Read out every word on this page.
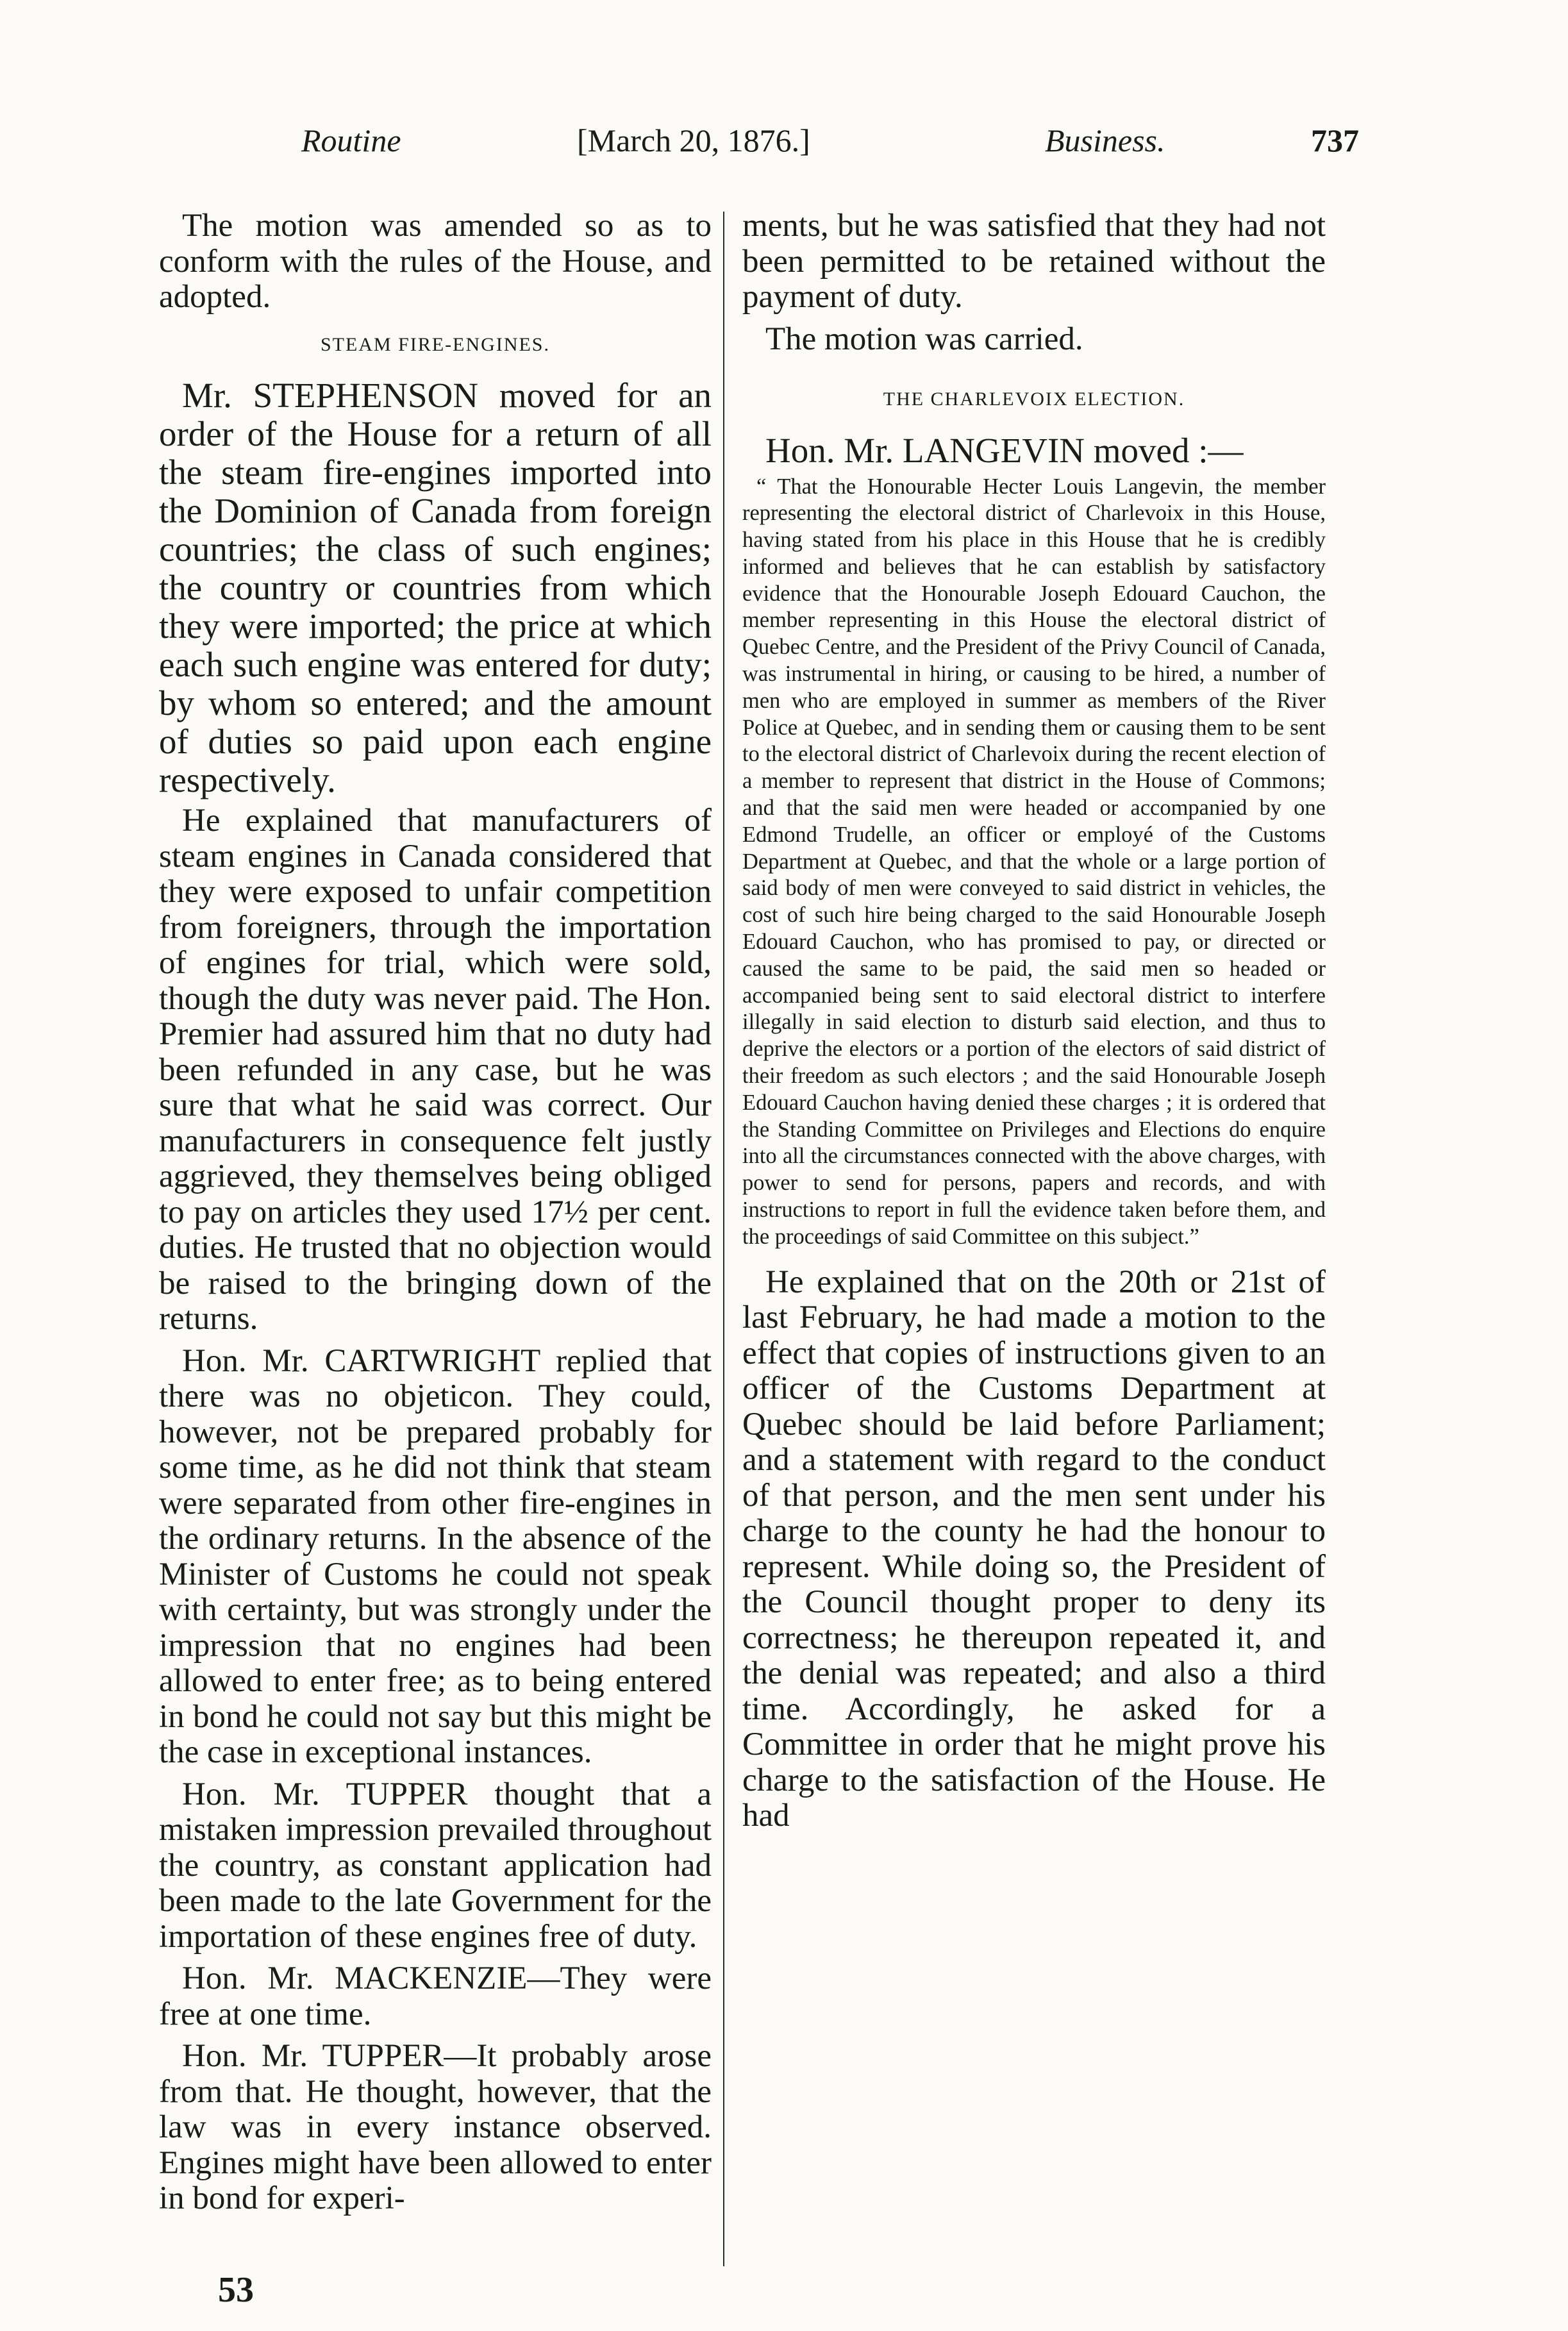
Routine	[March 20, 1876.]	Business.	737

The motion was amended so as to conform with the rules of the House, and adopted.

STEAM FIRE-ENGINES.

Mr. STEPHENSON moved for an order of the House for a return of all the steam fire-engines imported into the Dominion of Canada from foreign countries; the class of such engines; the country or countries from which they were imported; the price at which each such engine was entered for duty; by whom so entered; and the amount of duties so paid upon each engine respectively.

He explained that manufacturers of steam engines in Canada considered that they were exposed to unfair competition from foreigners, through the importation of engines for trial, which were sold, though the duty was never paid. The Hon. Premier had assured him that no duty had been refunded in any case, but he was sure that what he said was correct. Our manufacturers in consequence felt justly aggrieved, they themselves being obliged to pay on articles they used 17½ per cent. duties. He trusted that no objection would be raised to the bringing down of the returns.

Hon. Mr. CARTWRIGHT replied that there was no objeticon. They could, however, not be prepared probably for some time, as he did not think that steam were separated from other fire-engines in the ordinary returns. In the absence of the Minister of Customs he could not speak with certainty, but was strongly under the impression that no engines had been allowed to enter free; as to being entered in bond he could not say but this might be the case in exceptional instances.

Hon. Mr. TUPPER thought that a mistaken impression prevailed throughout the country, as constant application had been made to the late Government for the importation of these engines free of duty.

Hon. Mr. MACKENZIE—They were free at one time.

Hon. Mr. TUPPER—It probably arose from that. He thought, however, that the law was in every instance observed. Engines might have been allowed to enter in bond for experi-

ments, but he was satisfied that they had not been permitted to be retained without the payment of duty.

The motion was carried.

THE CHARLEVOIX ELECTION.

Hon. Mr. LANGEVIN moved :—

“ That the Honourable Hecter Louis Langevin, the member representing the electoral district of Charlevoix in this House, having stated from his place in this House that he is credibly informed and believes that he can establish by satisfactory evidence that the Honourable Joseph Edouard Cauchon, the member representing in this House the electoral district of Quebec Centre, and the President of the Privy Council of Canada, was instrumental in hiring, or causing to be hired, a number of men who are employed in summer as members of the River Police at Quebec, and in sending them or causing them to be sent to the electoral district of Charlevoix during the recent election of a member to represent that district in the House of Commons; and that the said men were headed or accompanied by one Edmond Trudelle, an officer or employé of the Customs Department at Quebec, and that the whole or a large portion of said body of men were conveyed to said district in vehicles, the cost of such hire being charged to the said Honourable Joseph Edouard Cauchon, who has promised to pay, or directed or caused the same to be paid, the said men so headed or accompanied being sent to said electoral district to interfere illegally in said election to disturb said election, and thus to deprive the electors or a portion of the electors of said district of their freedom as such electors ; and the said Honourable Joseph Edouard Cauchon having denied these charges ; it is ordered that the Standing Committee on Privileges and Elections do enquire into all the circumstances connected with the above charges, with power to send for persons, papers and records, and with instructions to report in full the evidence taken before them, and the proceedings of said Committee on this subject.”

He explained that on the 20th or 21st of last February, he had made a motion to the effect that copies of instructions given to an officer of the Customs Department at Quebec should be laid before Parliament; and a statement with regard to the conduct of that person, and the men sent under his charge to the county he had the honour to represent. While doing so, the President of the Council thought proper to deny its correctness; he thereupon repeated it, and the denial was repeated; and also a third time. Accordingly, he asked for a Committee in order that he might prove his charge to the satisfaction of the House. He had

53
